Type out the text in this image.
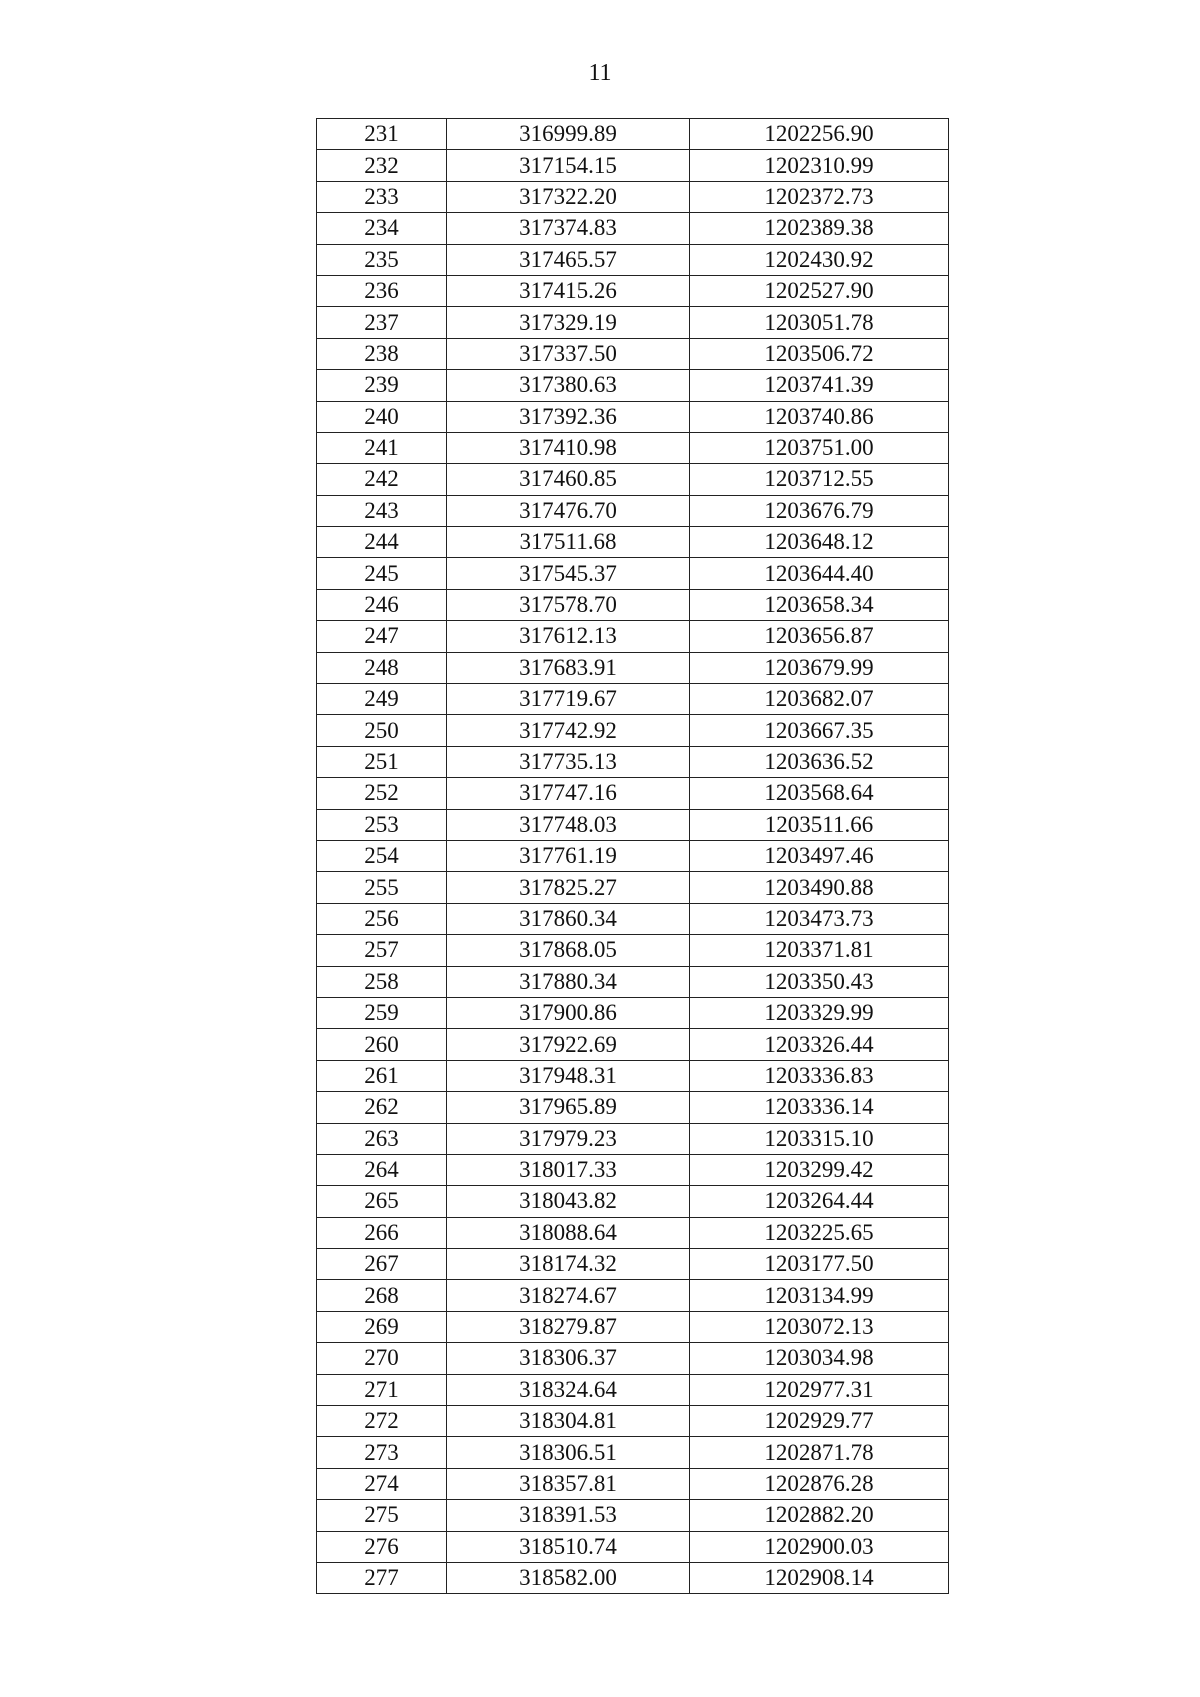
11
231	316999.89	1202256.90
232	317154.15	1202310.99
233	317322.20	1202372.73
234	317374.83	1202389.38
235	317465.57	1202430.92
236	317415.26	1202527.90
237	317329.19	1203051.78
238	317337.50	1203506.72
239	317380.63	1203741.39
240	317392.36	1203740.86
241	317410.98	1203751.00
242	317460.85	1203712.55
243	317476.70	1203676.79
244	317511.68	1203648.12
245	317545.37	1203644.40
246	317578.70	1203658.34
247	317612.13	1203656.87
248	317683.91	1203679.99
249	317719.67	1203682.07
250	317742.92	1203667.35
251	317735.13	1203636.52
252	317747.16	1203568.64
253	317748.03	1203511.66
254	317761.19	1203497.46
255	317825.27	1203490.88
256	317860.34	1203473.73
257	317868.05	1203371.81
258	317880.34	1203350.43
259	317900.86	1203329.99
260	317922.69	1203326.44
261	317948.31	1203336.83
262	317965.89	1203336.14
263	317979.23	1203315.10
264	318017.33	1203299.42
265	318043.82	1203264.44
266	318088.64	1203225.65
267	318174.32	1203177.50
268	318274.67	1203134.99
269	318279.87	1203072.13
270	318306.37	1203034.98
271	318324.64	1202977.31
272	318304.81	1202929.77
273	318306.51	1202871.78
274	318357.81	1202876.28
275	318391.53	1202882.20
276	318510.74	1202900.03
277	318582.00	1202908.14
